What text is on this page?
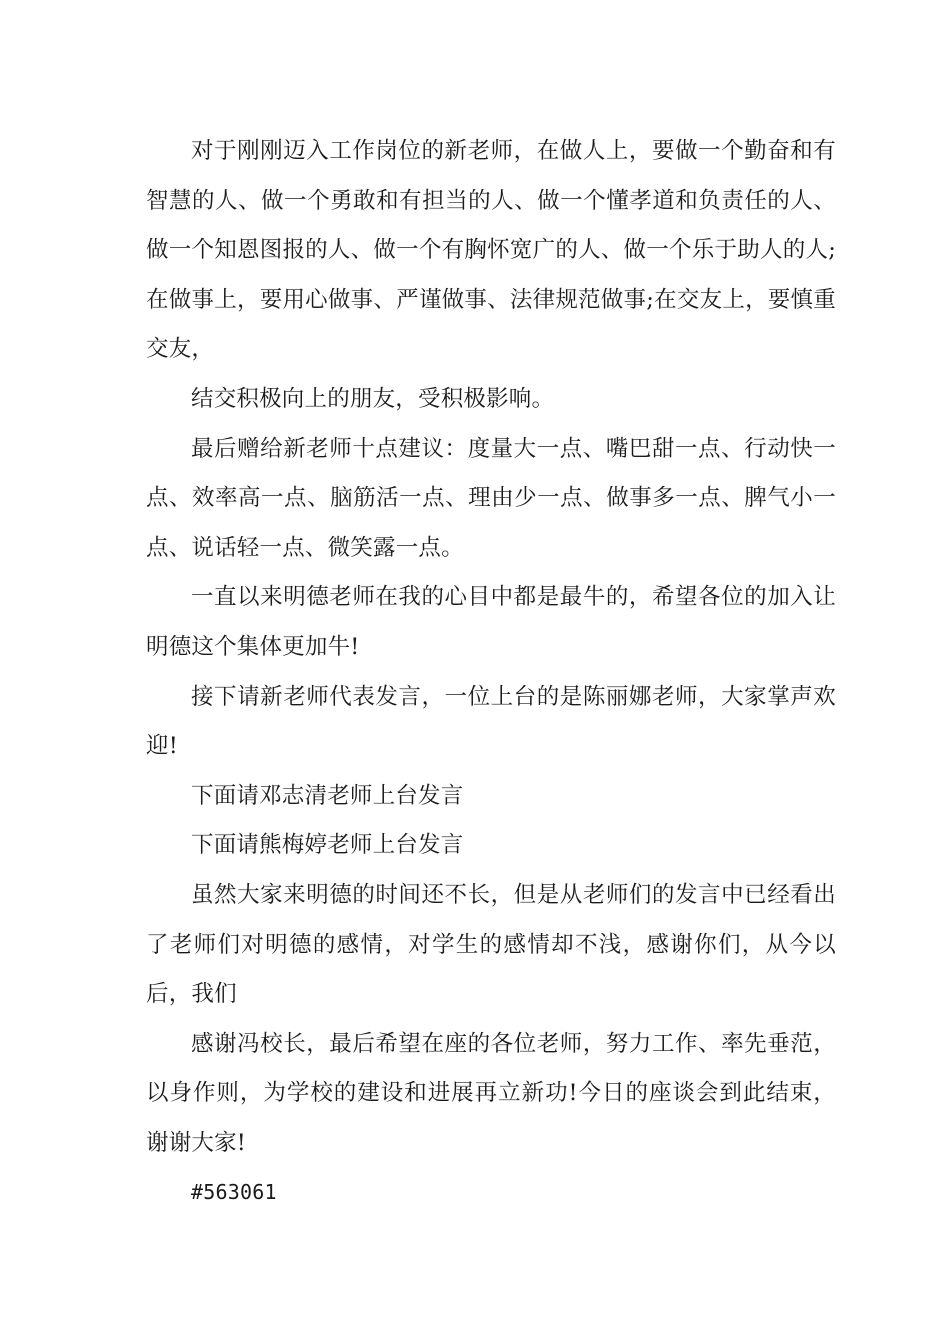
对于刚刚迈入工作岗位的新老师，在做人上，要做一个勤奋和有智慧的人、做一个勇敢和有担当的人、做一个懂孝道和负责任的人、做一个知恩图报的人、做一个有胸怀宽广的人、做一个乐于助人的人;在做事上，要用心做事、严谨做事、法律规范做事;在交友上，要慎重交友，

结交积极向上的朋友，受积极影响。

最后赠给新老师十点建议：度量大一点、嘴巴甜一点、行动快一点、效率高一点、脑筋活一点、理由少一点、做事多一点、脾气小一点、说话轻一点、微笑露一点。

一直以来明德老师在我的心目中都是最牛的，希望各位的加入让明德这个集体更加牛!

接下请新老师代表发言，一位上台的是陈丽娜老师，大家掌声欢迎!

下面请邓志清老师上台发言

下面请熊梅婷老师上台发言

虽然大家来明德的时间还不长，但是从老师们的发言中已经看出了老师们对明德的感情，对学生的感情却不浅，感谢你们，从今以后，我们

感谢冯校长，最后希望在座的各位老师，努力工作、率先垂范，以身作则，为学校的建设和进展再立新功!今日的座谈会到此结束，谢谢大家!

#563061
